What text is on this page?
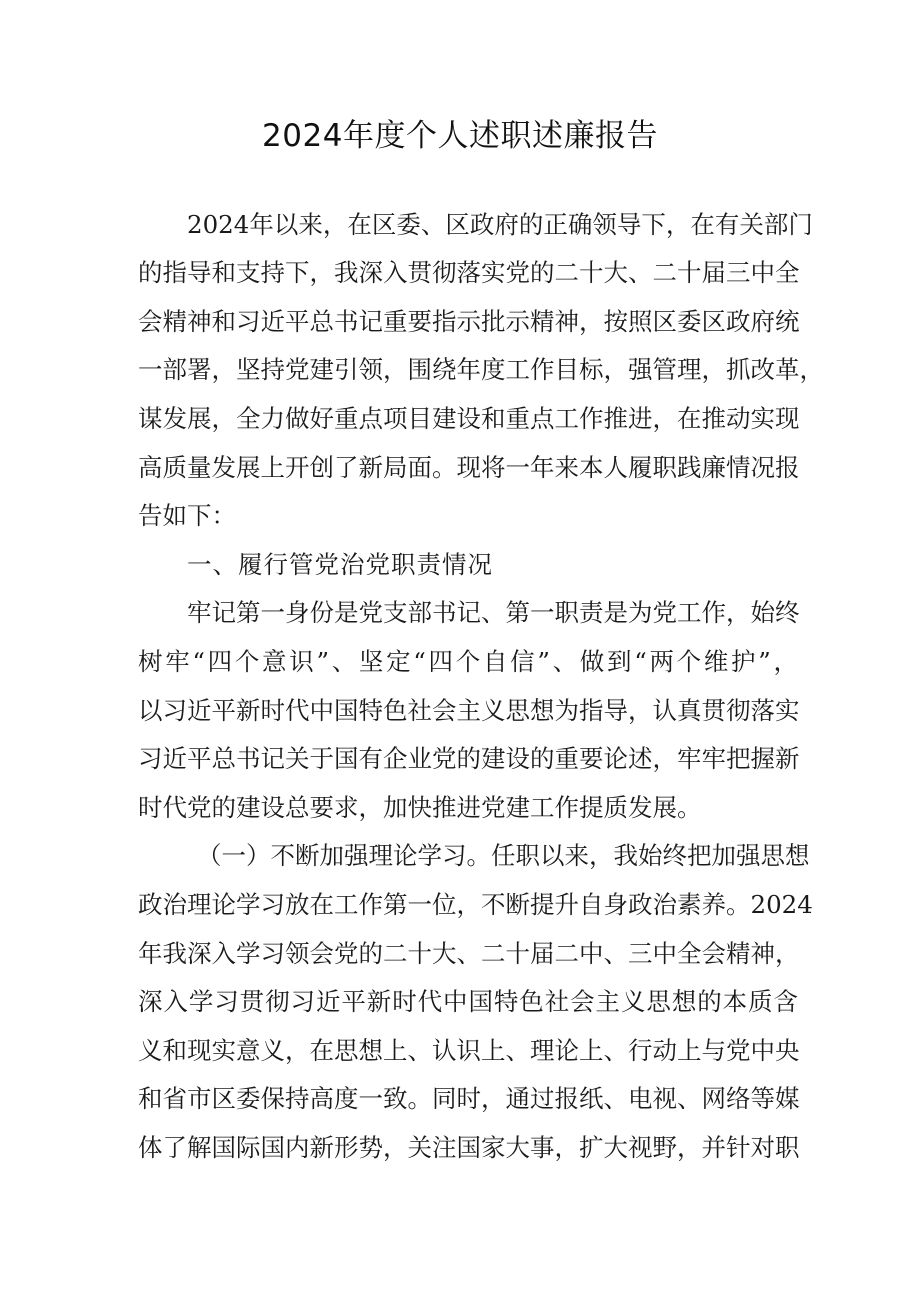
2024年度个人述职述廉报告
2024年以来，在区委、区政府的正确领导下，在有关部门
的指导和支持下，我深入贯彻落实党的二十大、二十届三中全
会精神和习近平总书记重要指示批示精神，按照区委区政府统
一部署，坚持党建引领，围绕年度工作目标，强管理，抓改革，
谋发展，全力做好重点项目建设和重点工作推进，在推动实现
高质量发展上开创了新局面。现将一年来本人履职践廉情况报
告如下：
一、履行管党治党职责情况
牢记第一身份是党支部书记、第一职责是为党工作，始终
树牢“四个意识”、坚定“四个自信”、做到“两个维护”，
以习近平新时代中国特色社会主义思想为指导，认真贯彻落实
习近平总书记关于国有企业党的建设的重要论述，牢牢把握新
时代党的建设总要求，加快推进党建工作提质发展。
（一）不断加强理论学习。任职以来，我始终把加强思想
政治理论学习放在工作第一位，不断提升自身政治素养。2024
年我深入学习领会党的二十大、二十届二中、三中全会精神，
深入学习贯彻习近平新时代中国特色社会主义思想的本质含
义和现实意义，在思想上、认识上、理论上、行动上与党中央
和省市区委保持高度一致。同时，通过报纸、电视、网络等媒
体了解国际国内新形势，关注国家大事，扩大视野，并针对职
